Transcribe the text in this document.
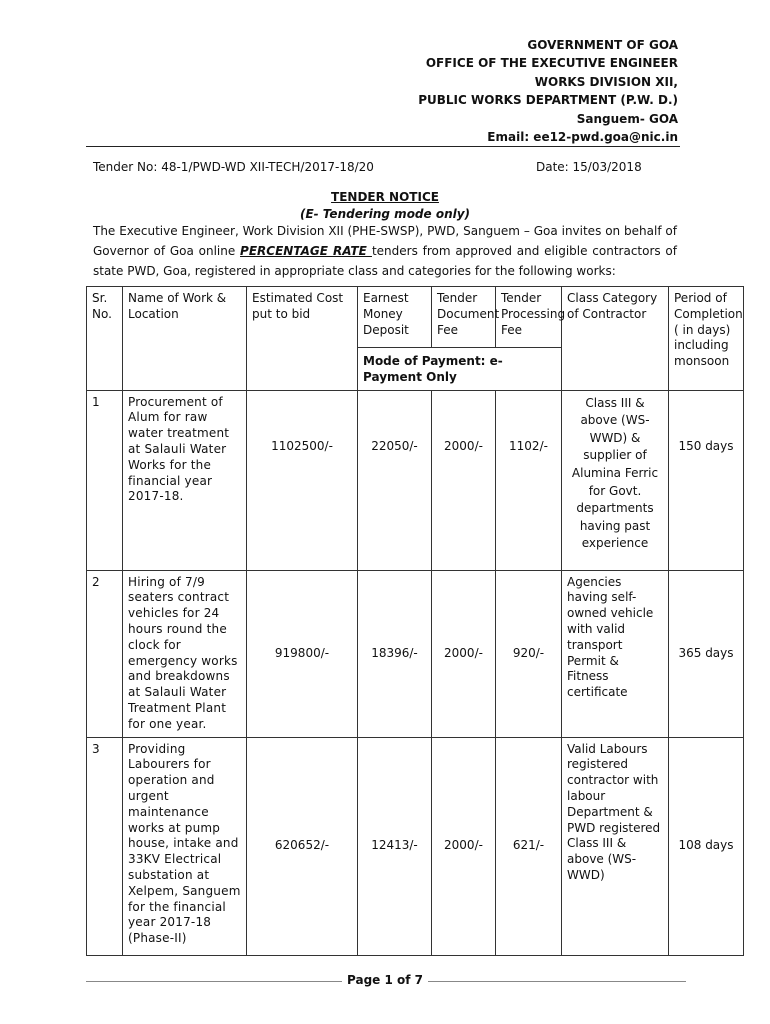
GOVERNMENT OF GOA
OFFICE OF THE EXECUTIVE ENGINEER
WORKS DIVISION XII,
PUBLIC WORKS DEPARTMENT (P.W. D.)
Sanguem- GOA
Email: ee12-pwd.goa@nic.in
Tender No: 48-1/PWD-WD XII-TECH/2017-18/20	Date: 15/03/2018
TENDER NOTICE
(E- Tendering mode only)
The Executive Engineer, Work Division XII (PHE-SWSP), PWD, Sanguem – Goa invites on behalf of Governor of Goa online PERCENTAGE RATE tenders from approved and eligible contractors of state PWD, Goa, registered in appropriate class and categories for the following works:
Sr. No.	Name of Work & Location	Estimated Cost put to bid	Earnest Money Deposit	Tender Document Fee	Tender Processing Fee	Class Category of Contractor	Period of Completion ( in days) including monsoon
			Mode of Payment: e-Payment Only				
1	Procurement of Alum for raw water treatment at Salauli Water Works for the financial year 2017-18.	1102500/-	22050/-	2000/-	1102/-	Class III & above (WS-WWD) & supplier of Alumina Ferric for Govt. departments having past experience	150 days
2	Hiring of 7/9 seaters contract vehicles for 24 hours round the clock for emergency works and breakdowns at Salauli Water Treatment Plant for one year.	919800/-	18396/-	2000/-	920/-	Agencies having self-owned vehicle with valid transport Permit & Fitness certificate	365 days
3	Providing Labourers for operation and urgent maintenance works at pump house, intake and 33KV Electrical substation at Xelpem, Sanguem for the financial year 2017-18 (Phase-II)	620652/-	12413/-	2000/-	621/-	Valid Labours registered contractor with labour Department & PWD registered Class III & above (WS-WWD)	108 days
Page 1 of 7
